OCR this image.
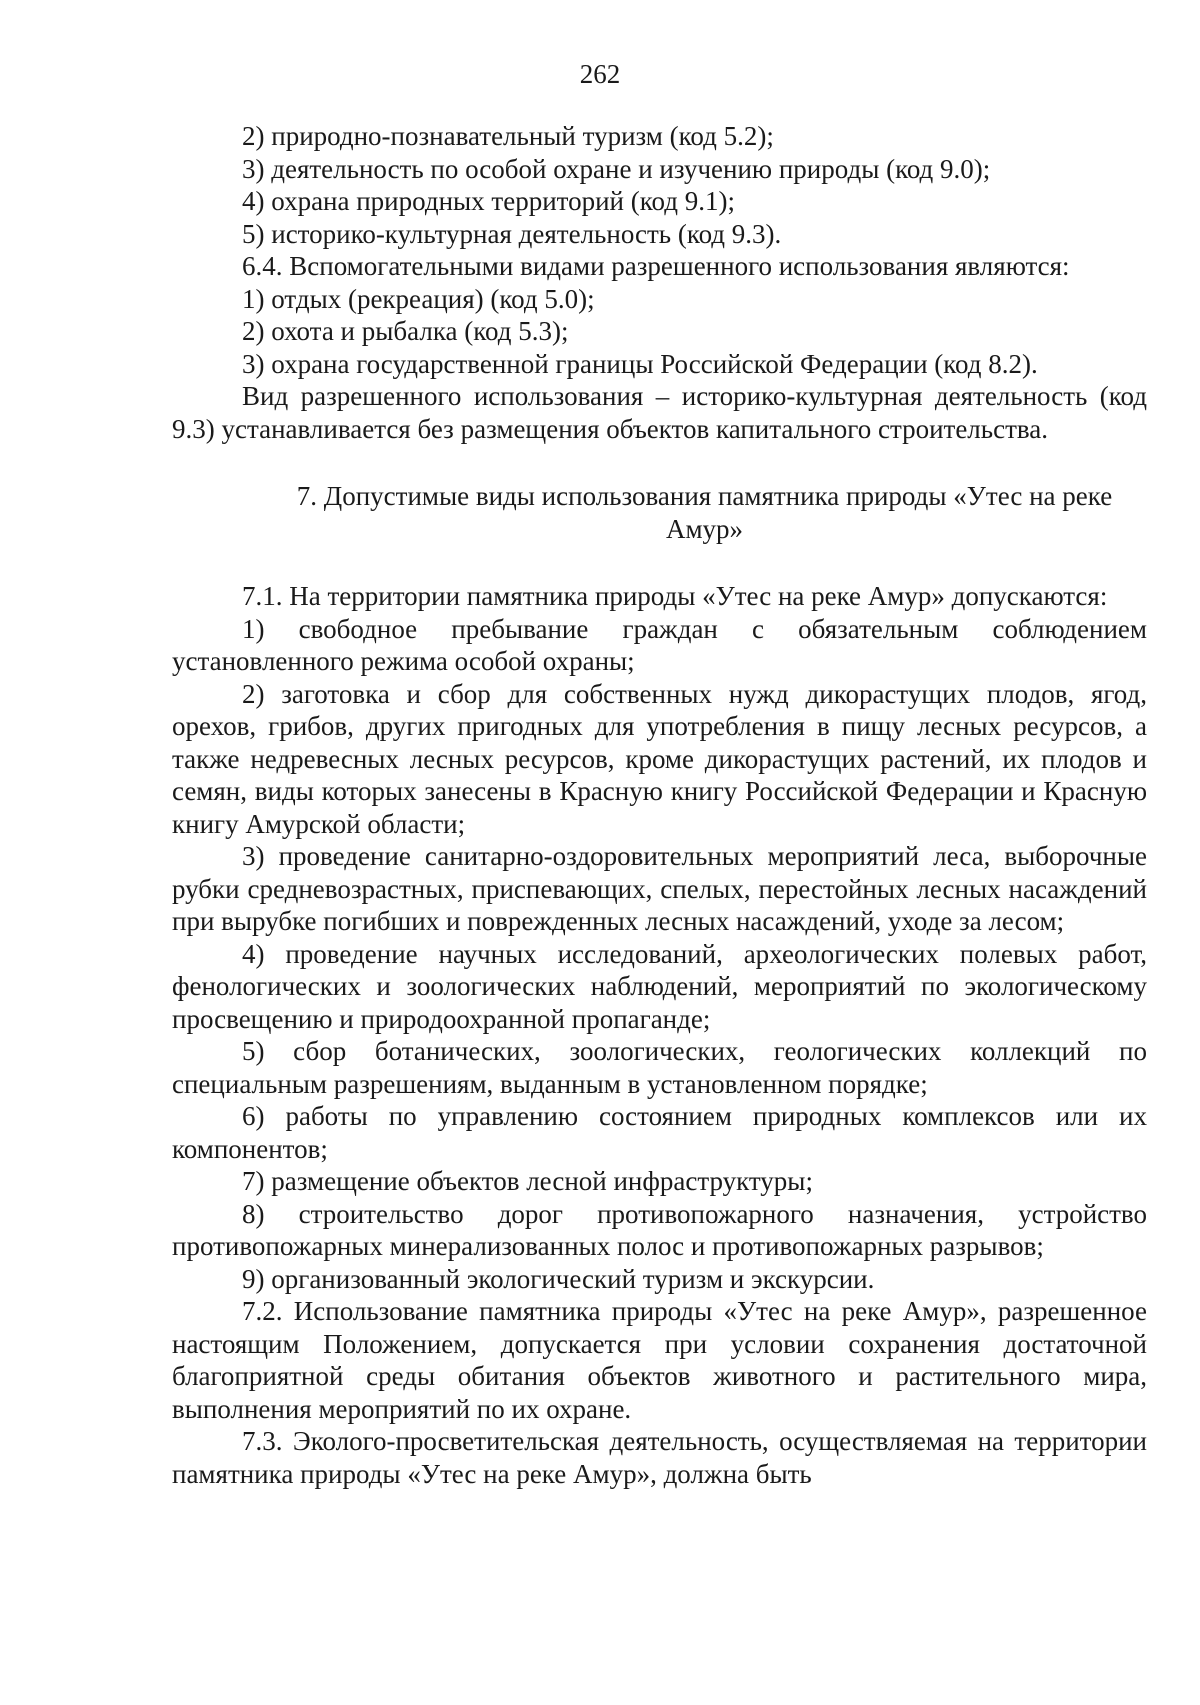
262

2) природно-познавательный туризм (код 5.2);

3) деятельность по особой охране и изучению природы (код 9.0);

4) охрана природных территорий (код 9.1);

5) историко-культурная деятельность (код 9.3).

6.4. Вспомогательными видами разрешенного использования являются:

1) отдых (рекреация) (код 5.0);

2) охота и рыбалка (код 5.3);

3) охрана государственной границы Российской Федерации (код 8.2).

Вид разрешенного использования – историко-культурная деятельность (код 9.3) устанавливается без размещения объектов капитального строительства.

7. Допустимые виды использования памятника природы «Утес на реке Амур»

7.1. На территории памятника природы «Утес на реке Амур» допускаются:

1) свободное пребывание граждан с обязательным соблюдением установленного режима особой охраны;

2) заготовка и сбор для собственных нужд дикорастущих плодов, ягод, орехов, грибов, других пригодных для употребления в пищу лесных ресурсов, а также недревесных лесных ресурсов, кроме дикорастущих растений, их плодов и семян, виды которых занесены в Красную книгу Российской Федерации и Красную книгу Амурской области;

3) проведение санитарно-оздоровительных мероприятий леса, выборочные рубки средневозрастных, приспевающих, спелых, перестойных лесных насаждений при вырубке погибших и поврежденных лесных насаждений, уходе за лесом;

4) проведение научных исследований, археологических полевых работ, фенологических и зоологических наблюдений, мероприятий по экологическому просвещению и природоохранной пропаганде;

5) сбор ботанических, зоологических, геологических коллекций по специальным разрешениям, выданным в установленном порядке;

6) работы по управлению состоянием природных комплексов или их компонентов;

7) размещение объектов лесной инфраструктуры;

8) строительство дорог противопожарного назначения, устройство противопожарных минерализованных полос и противопожарных разрывов;

9) организованный экологический туризм и экскурсии.

7.2. Использование памятника природы «Утес на реке Амур», разрешенное настоящим Положением, допускается при условии сохранения достаточной благоприятной среды обитания объектов животного и растительного мира, выполнения мероприятий по их охране.

7.3. Эколого-просветительская деятельность, осуществляемая на территории памятника природы «Утес на реке Амур», должна быть
